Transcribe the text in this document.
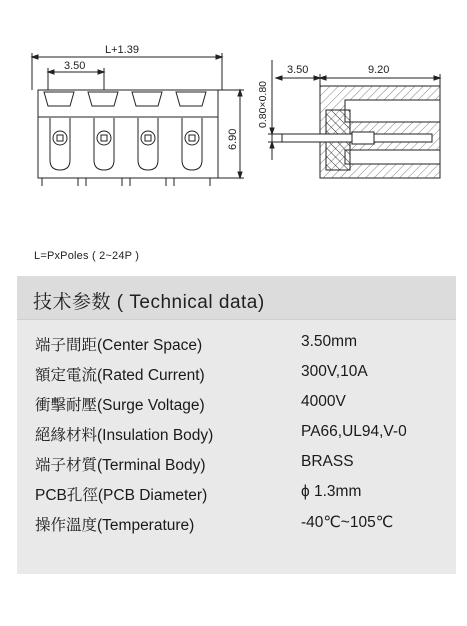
L+1.39
3.50
6.90
0.80×0.80
3.50	9.20
L=PxPoles ( 2~24P )
技术参数 ( Technical data)
端子間距(Center Space)	3.50mm
額定電流(Rated Current)	300V,10A
衝擊耐壓(Surge Voltage)	4000V
絕緣材料(Insulation Body)	PA66,UL94,V-0
端子材質(Terminal Body)	BRASS
PCB孔徑(PCB Diameter)	ϕ 1.3mm
操作溫度(Temperature)	-40℃~105℃
